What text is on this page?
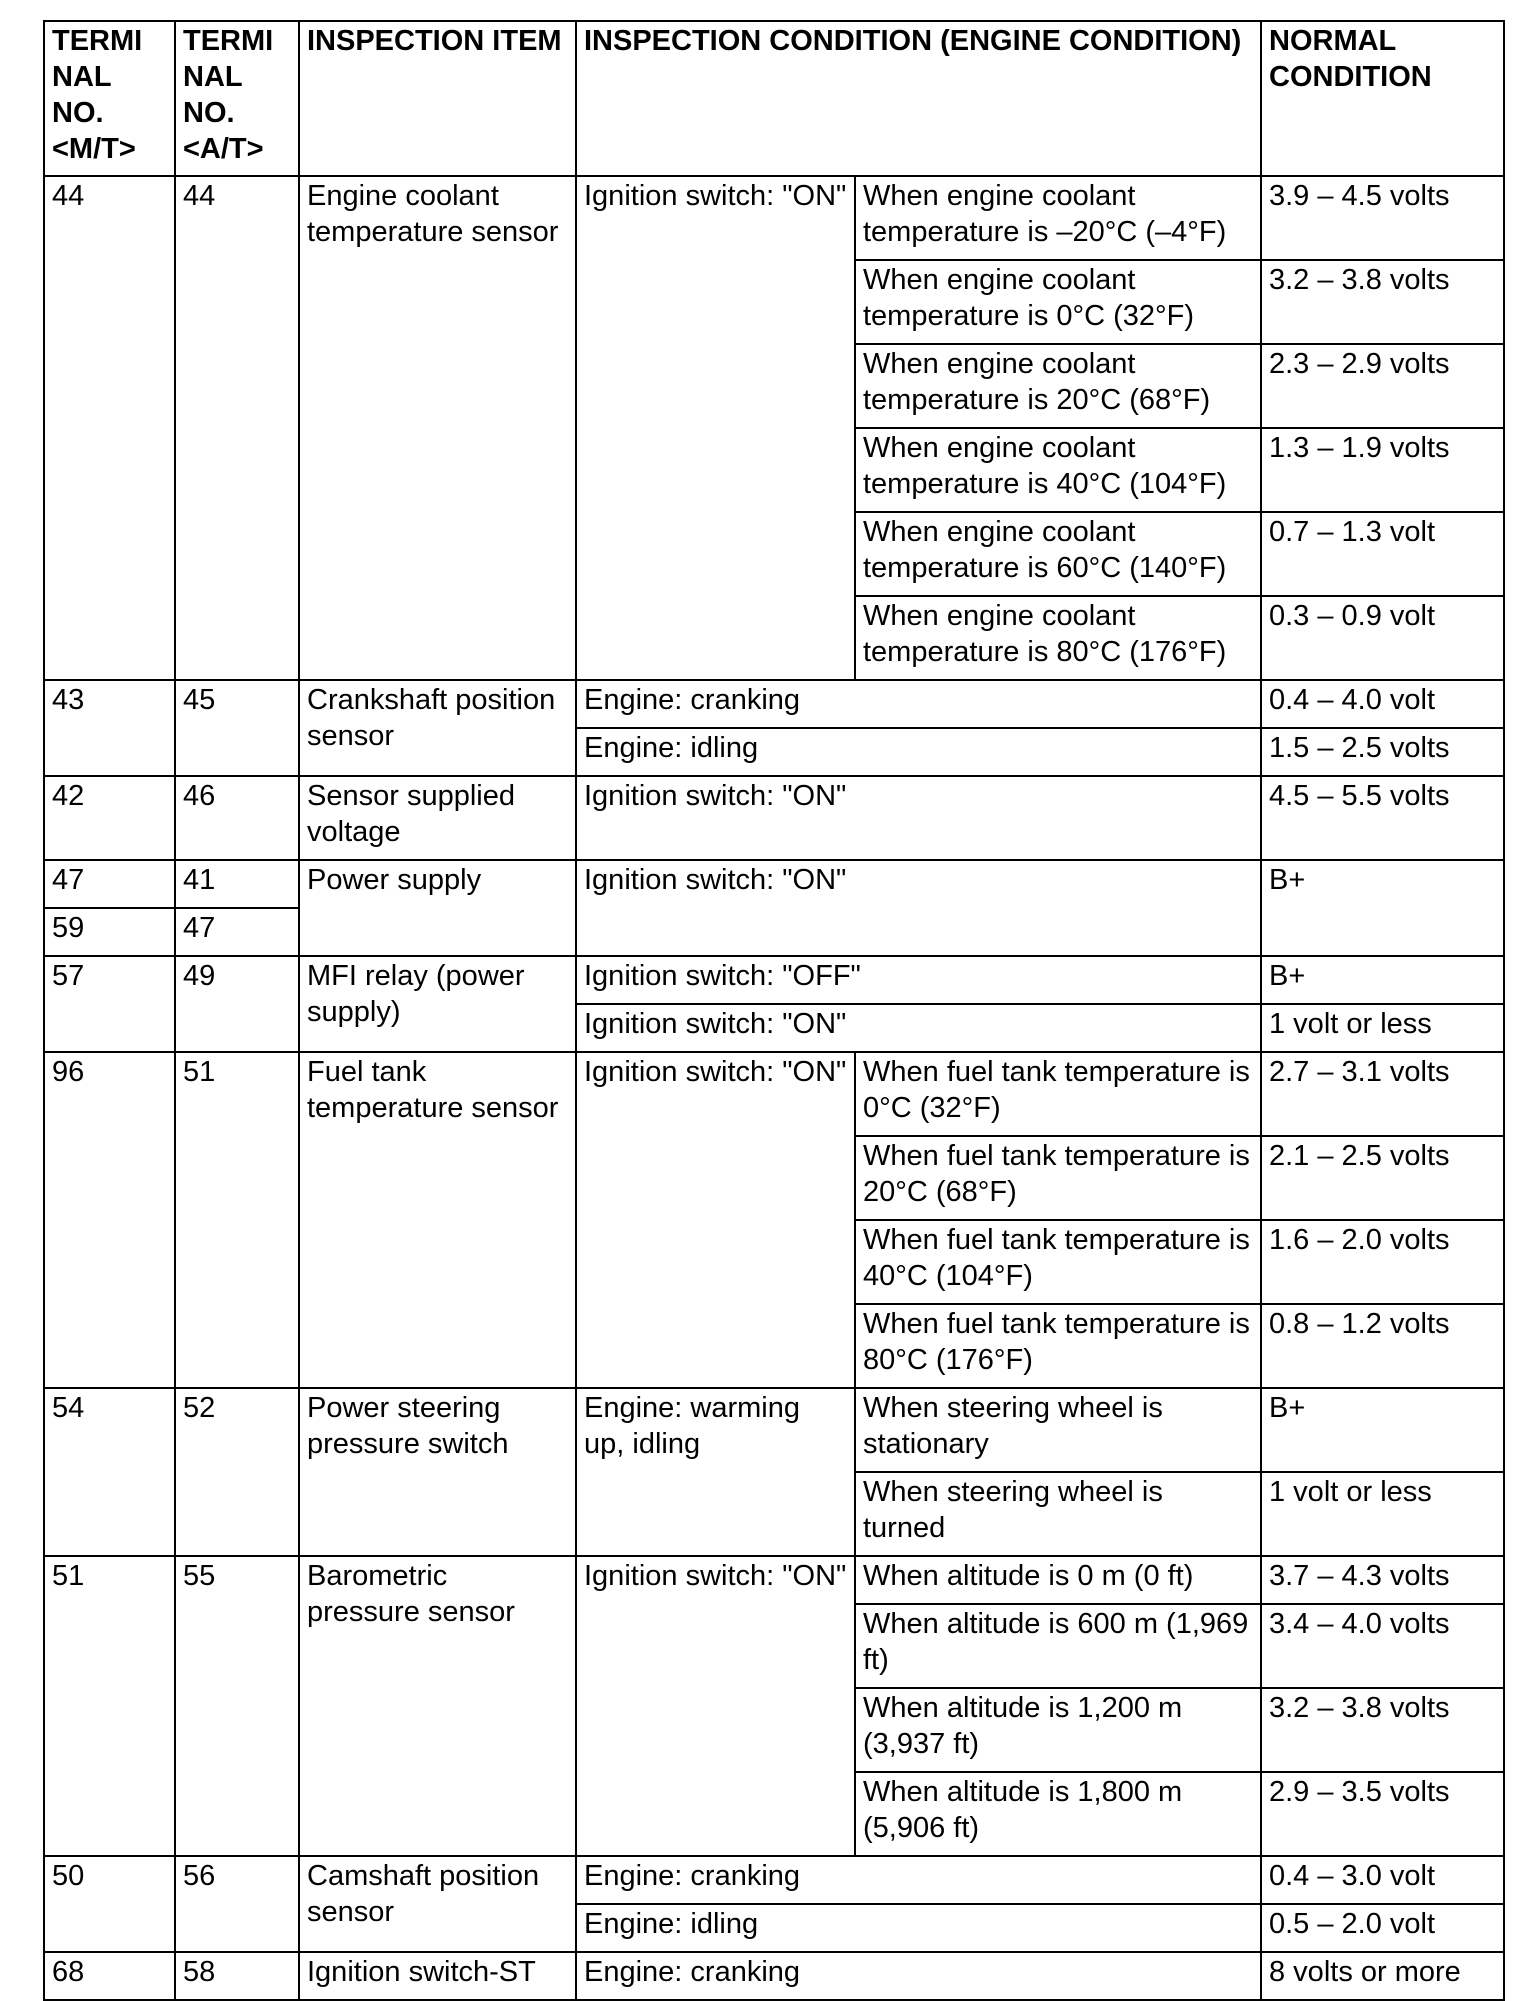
TERMI NAL NO. <M/T>	TERMI NAL NO. <A/T>	INSPECTION ITEM	INSPECTION CONDITION (ENGINE CONDITION)		NORMAL CONDITION
44	44	Engine coolant temperature sensor	Ignition switch: "ON"	When engine coolant temperature is –20°C (–4°F)	3.9 – 4.5 volts
				When engine coolant temperature is 0°C (32°F)	3.2 – 3.8 volts
				When engine coolant temperature is 20°C (68°F)	2.3 – 2.9 volts
				When engine coolant temperature is 40°C (104°F)	1.3 – 1.9 volts
				When engine coolant temperature is 60°C (140°F)	0.7 – 1.3 volt
				When engine coolant temperature is 80°C (176°F)	0.3 – 0.9 volt
43	45	Crankshaft position sensor	Engine: cranking		0.4 – 4.0 volt
			Engine: idling		1.5 – 2.5 volts
42	46	Sensor supplied voltage	Ignition switch: "ON"		4.5 – 5.5 volts
47	41	Power supply	Ignition switch: "ON"		B+
59	47				
57	49	MFI relay (power supply)	Ignition switch: "OFF"		B+
			Ignition switch: "ON"		1 volt or less
96	51	Fuel tank temperature sensor	Ignition switch: "ON"	When fuel tank temperature is 0°C (32°F)	2.7 – 3.1 volts
				When fuel tank temperature is 20°C (68°F)	2.1 – 2.5 volts
				When fuel tank temperature is 40°C (104°F)	1.6 – 2.0 volts
				When fuel tank temperature is 80°C (176°F)	0.8 – 1.2 volts
54	52	Power steering pressure switch	Engine: warming up, idling	When steering wheel is stationary	B+
				When steering wheel is turned	1 volt or less
51	55	Barometric pressure sensor	Ignition switch: "ON"	When altitude is 0 m (0 ft)	3.7 – 4.3 volts
				When altitude is 600 m (1,969 ft)	3.4 – 4.0 volts
				When altitude is 1,200 m (3,937 ft)	3.2 – 3.8 volts
				When altitude is 1,800 m (5,906 ft)	2.9 – 3.5 volts
50	56	Camshaft position sensor	Engine: cranking		0.4 – 3.0 volt
			Engine: idling		0.5 – 2.0 volt
68	58	Ignition switch-ST	Engine: cranking		8 volts or more
